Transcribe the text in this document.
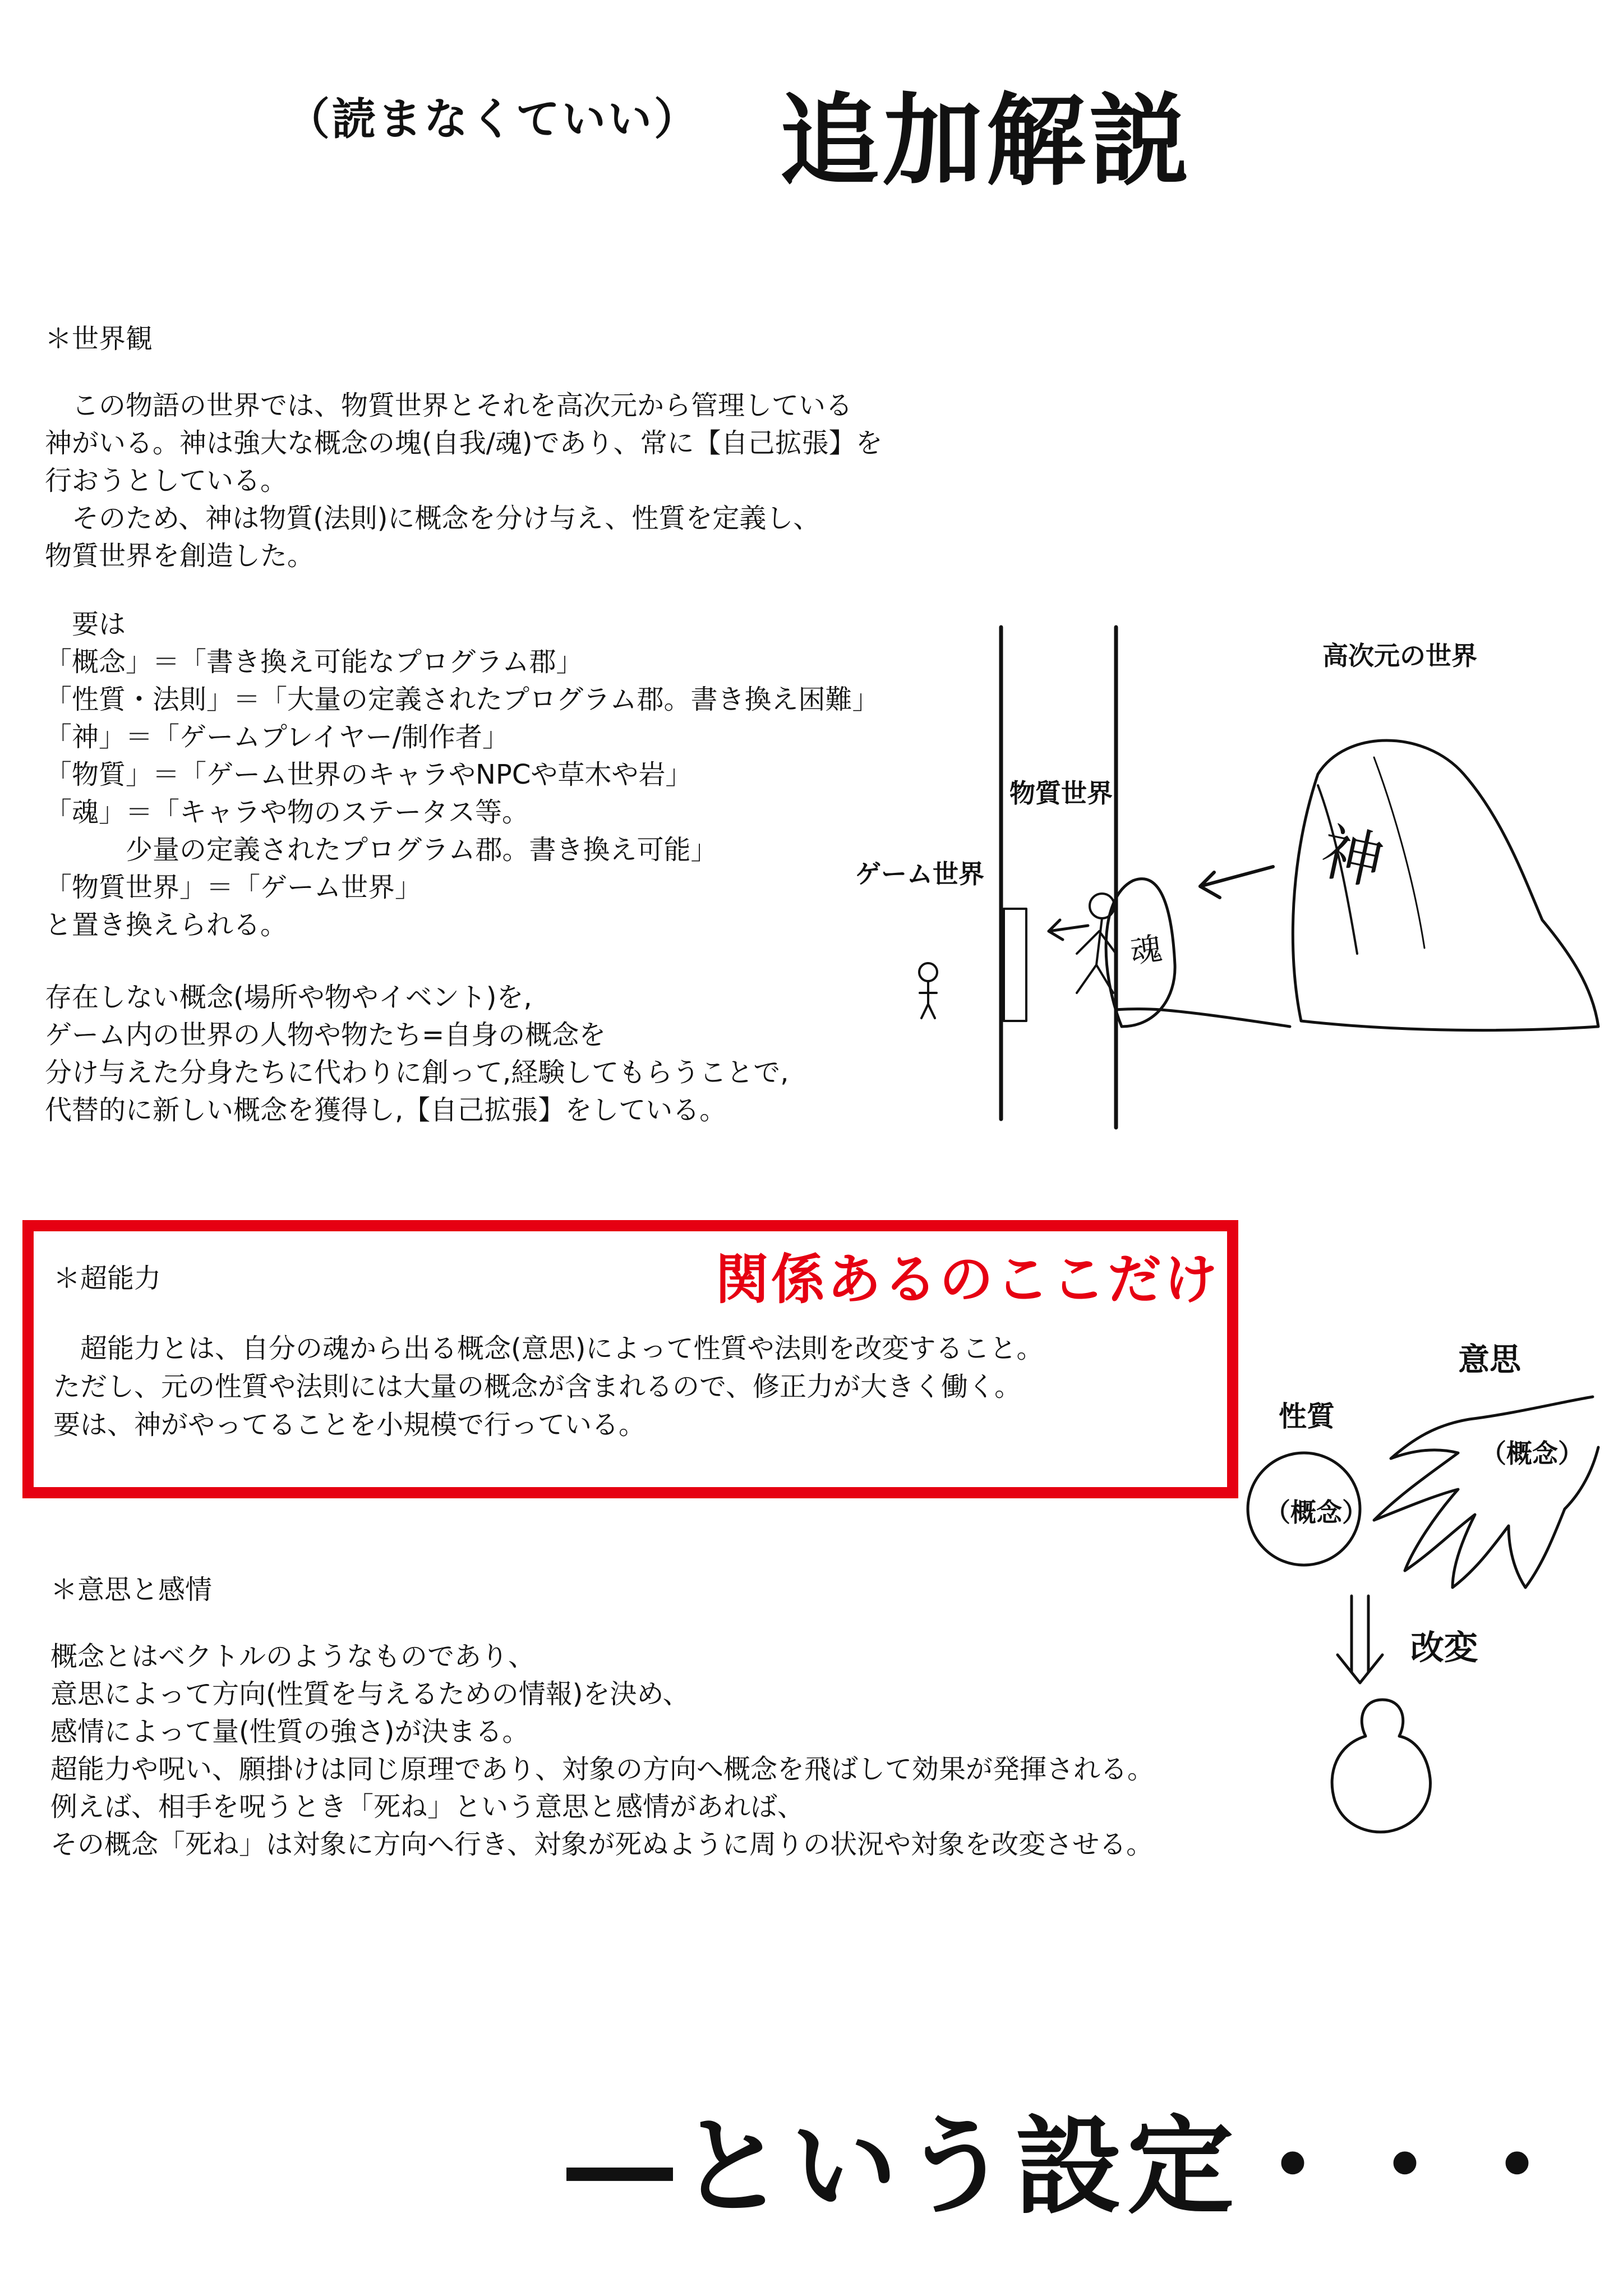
（読まなくていい） 追加解説
＊世界観
　この物語の世界では、物質世界とそれを高次元から管理している
神がいる。神は強大な概念の塊(自我/魂)であり、常に【自己拡張】を
行おうとしている。
　そのため、神は物質(法則)に概念を分け与え、性質を定義し、
物質世界を創造した。
　要は
「概念」＝「書き換え可能なプログラム郡」
「性質・法則」＝「大量の定義されたプログラム郡。書き換え困難」
「神」＝「ゲームプレイヤー/制作者」
「物質」＝「ゲーム世界のキャラやNPCや草木や岩」
「魂」＝「キャラや物のステータス等。
　　　少量の定義されたプログラム郡。書き換え可能」
「物質世界」＝「ゲーム世界」
と置き換えられる。
存在しない概念(場所や物やイベント)を,
ゲーム内の世界の人物や物たち=自身の概念を
分け与えた分身たちに代わりに創って,経験してもらうことで,
代替的に新しい概念を獲得し,【自己拡張】をしている。
高次元の世界
物質世界
ゲーム世界	神
魂
＊超能力	関係あるのここだけ
　超能力とは、自分の魂から出る概念(意思)によって性質や法則を改変すること。
ただし、元の性質や法則には大量の概念が含まれるので、修正力が大きく働く。
要は、神がやってることを小規模で行っている。
意思
性質
（概念）
（概念）
改変
＊意思と感情
概念とはベクトルのようなものであり、
意思によって方向(性質を与えるための情報)を決め、
感情によって量(性質の強さ)が決まる。
超能力や呪い、願掛けは同じ原理であり、対象の方向へ概念を飛ばして効果が発揮される。
例えば、相手を呪うとき「死ね」という意思と感情があれば、
その概念「死ね」は対象に方向へ行き、対象が死ぬように周りの状況や対象を改変させる。
―という設定・・・
